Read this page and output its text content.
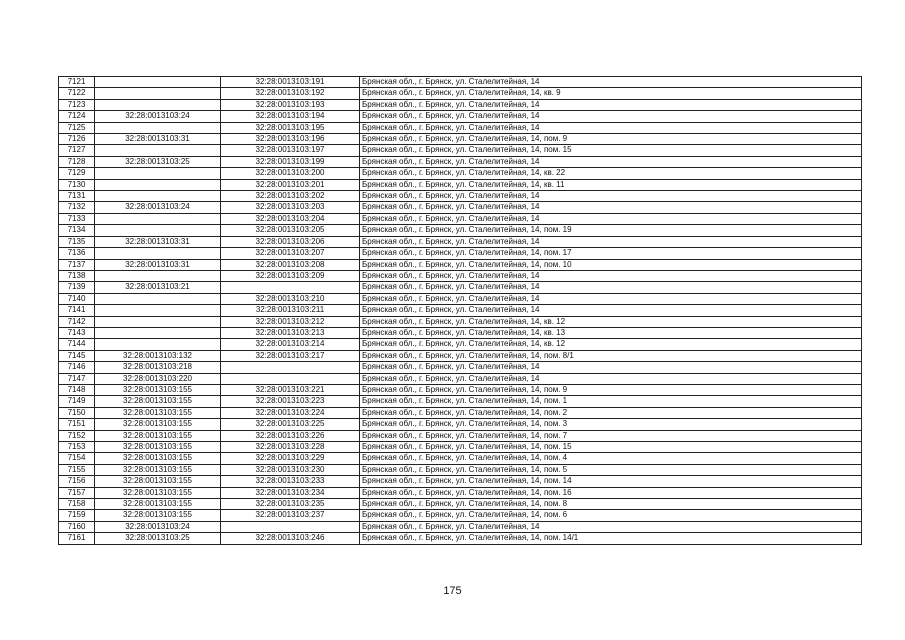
7121		32:28:0013103:191	Брянская обл., г. Брянск, ул. Сталелитейная, 14
7122		32:28:0013103:192	Брянская обл., г. Брянск, ул. Сталелитейная, 14, кв. 9
7123		32:28:0013103:193	Брянская обл., г. Брянск, ул. Сталелитейная, 14
7124	32:28:0013103:24	32:28:0013103:194	Брянская обл., г. Брянск, ул. Сталелитейная, 14
7125		32:28:0013103:195	Брянская обл., г. Брянск, ул. Сталелитейная, 14
7126	32:28:0013103:31	32:28:0013103:196	Брянская обл., г. Брянск, ул. Сталелитейная, 14, пом. 9
7127		32:28:0013103:197	Брянская обл., г. Брянск, ул. Сталелитейная, 14, пом. 15
7128	32:28:0013103:25	32:28:0013103:199	Брянская обл., г. Брянск, ул. Сталелитейная, 14
7129		32:28:0013103:200	Брянская обл., г. Брянск, ул. Сталелитейная, 14, кв. 22
7130		32:28:0013103:201	Брянская обл., г. Брянск, ул. Сталелитейная, 14, кв. 11
7131		32:28:0013103:202	Брянская обл., г. Брянск, ул. Сталелитейная, 14
7132	32:28:0013103:24	32:28:0013103:203	Брянская обл., г. Брянск, ул. Сталелитейная, 14
7133		32:28:0013103:204	Брянская обл., г. Брянск, ул. Сталелитейная, 14
7134		32:28:0013103:205	Брянская обл., г. Брянск, ул. Сталелитейная, 14, пом. 19
7135	32:28:0013103:31	32:28:0013103:206	Брянская обл., г. Брянск, ул. Сталелитейная, 14
7136		32:28:0013103:207	Брянская обл., г. Брянск, ул. Сталелитейная, 14, пом. 17
7137	32:28:0013103:31	32:28:0013103:208	Брянская обл., г. Брянск, ул. Сталелитейная, 14, пом. 10
7138		32:28:0013103:209	Брянская обл., г. Брянск, ул. Сталелитейная, 14
7139	32:28:0013103:21		Брянская обл., г. Брянск, ул. Сталелитейная, 14
7140		32:28:0013103:210	Брянская обл., г. Брянск, ул. Сталелитейная, 14
7141		32:28:0013103:211	Брянская обл., г. Брянск, ул. Сталелитейная, 14
7142		32:28:0013103:212	Брянская обл., г. Брянск, ул. Сталелитейная, 14, кв. 12
7143		32:28:0013103:213	Брянская обл., г. Брянск, ул. Сталелитейная, 14, кв. 13
7144		32:28:0013103:214	Брянская обл., г. Брянск, ул. Сталелитейная, 14, кв. 12
7145	32:28:0013103:132	32:28:0013103:217	Брянская обл., г. Брянск, ул. Сталелитейная, 14, пом. 8/1
7146	32:28:0013103:218		Брянская обл., г. Брянск, ул. Сталелитейная, 14
7147	32:28:0013103:220		Брянская обл., г. Брянск, ул. Сталелитейная, 14
7148	32:28:0013103:155	32:28:0013103:221	Брянская обл., г. Брянск, ул. Сталелитейная, 14, пом. 9
7149	32:28:0013103:155	32:28:0013103:223	Брянская обл., г. Брянск, ул. Сталелитейная, 14, пом. 1
7150	32:28:0013103:155	32:28:0013103:224	Брянская обл., г. Брянск, ул. Сталелитейная, 14, пом. 2
7151	32:28:0013103:155	32:28:0013103:225	Брянская обл., г. Брянск, ул. Сталелитейная, 14, пом. 3
7152	32:28:0013103:155	32:28:0013103:226	Брянская обл., г. Брянск, ул. Сталелитейная, 14, пом. 7
7153	32:28:0013103:155	32:28:0013103:228	Брянская обл., г. Брянск, ул. Сталелитейная, 14, пом. 15
7154	32:28:0013103:155	32:28:0013103:229	Брянская обл., г. Брянск, ул. Сталелитейная, 14, пом. 4
7155	32:28:0013103:155	32:28:0013103:230	Брянская обл., г. Брянск, ул. Сталелитейная, 14, пом. 5
7156	32:28:0013103:155	32:28:0013103:233	Брянская обл., г. Брянск, ул. Сталелитейная, 14, пом. 14
7157	32:28:0013103:155	32:28:0013103:234	Брянская обл., г. Брянск, ул. Сталелитейная, 14, пом. 16
7158	32:28:0013103:155	32:28:0013103:235	Брянская обл., г. Брянск, ул. Сталелитейная, 14, пом. 8
7159	32:28:0013103:155	32:28:0013103:237	Брянская обл., г. Брянск, ул. Сталелитейная, 14, пом. 6
7160	32:28:0013103:24		Брянская обл., г. Брянск, ул. Сталелитейная, 14
7161	32:28:0013103:25	32:28:0013103:246	Брянская обл., г. Брянск, ул. Сталелитейная, 14, пом. 14/1
175
